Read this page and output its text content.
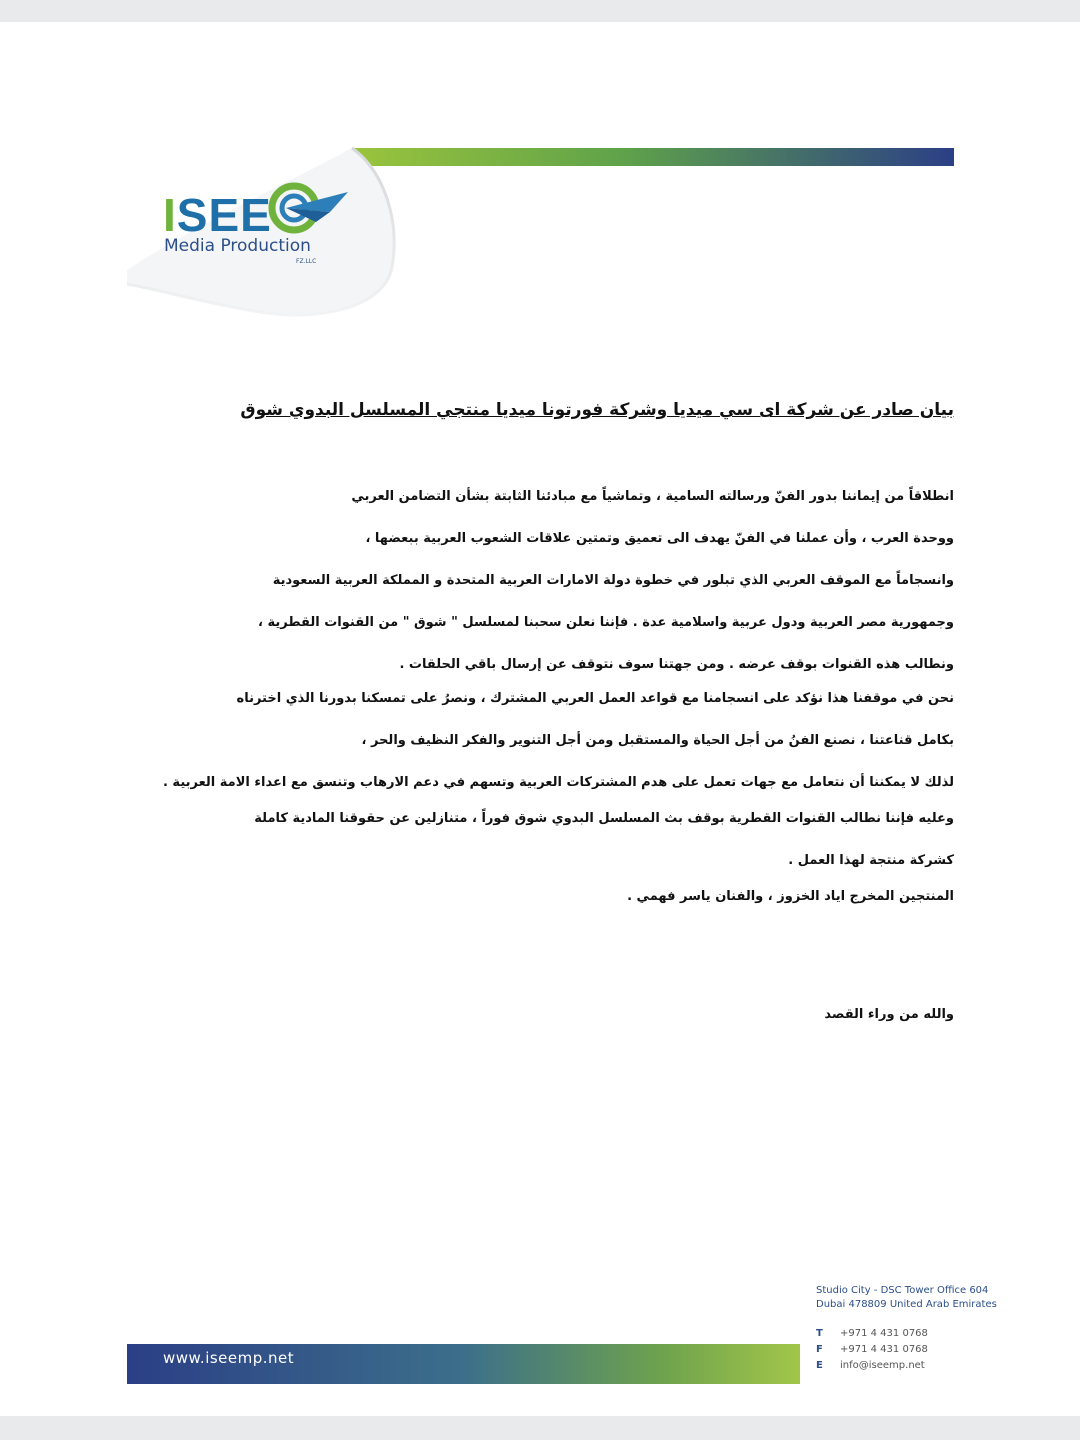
ISEE
Media Production
FZ.LLC
بيان صادر عن شركة اى سي ميديا وشركة فورتونا ميديا منتجي المسلسل البدوي شوق
انطلاقاً من إيماننا بدور الفنّ ورسالته السامية ، وتماشياً مع مبادئنا الثابتة بشأن التضامن العربي
ووحدة العرب ، وأن عملنا في الفنّ يهدف الى تعميق وتمتين علاقات الشعوب العربية ببعضها ،
وانسجاماً مع الموقف العربي الذي تبلور في خطوة دولة الامارات العربية المتحدة و المملكة العربية السعودية
وجمهورية مصر العربية ودول عربية واسلامية عدة . فإننا نعلن سحبنا لمسلسل " شوق " من القنوات القطرية ،
ونطالب هذه القنوات بوقف عرضه . ومن جهتنا سوف نتوقف عن إرسال باقي الحلقات .
نحن في موقفنا هذا نؤكد على انسجامنا مع قواعد العمل العربي المشترك ، ونصرُ على تمسكنا بدورنا الذي اخترناه
بكامل قناعتنا ، نصنع الفنُ من أجل الحياة والمستقبل ومن أجل التنوير والفكر النظيف والحر ،
لذلك لا يمكننا أن نتعامل مع جهات تعمل على هدم المشتركات العربية وتسهم في دعم الارهاب وتنسق مع اعداء الامة العربية .
وعليه فإننا نطالب القنوات القطرية بوقف بث المسلسل البدوي شوق فوراً ، متنازلين عن حقوقنا المادية كاملة
كشركة منتجة لهذا العمل .
المنتجين المخرج اياد الخزوز ، والفنان ياسر فهمي .
والله من وراء القصد
www.iseemp.net
Studio City - DSC Tower Office 604
Dubai 478809 United Arab Emirates
T +971 4 431 0768
F +971 4 431 0768
E info@iseemp.net
